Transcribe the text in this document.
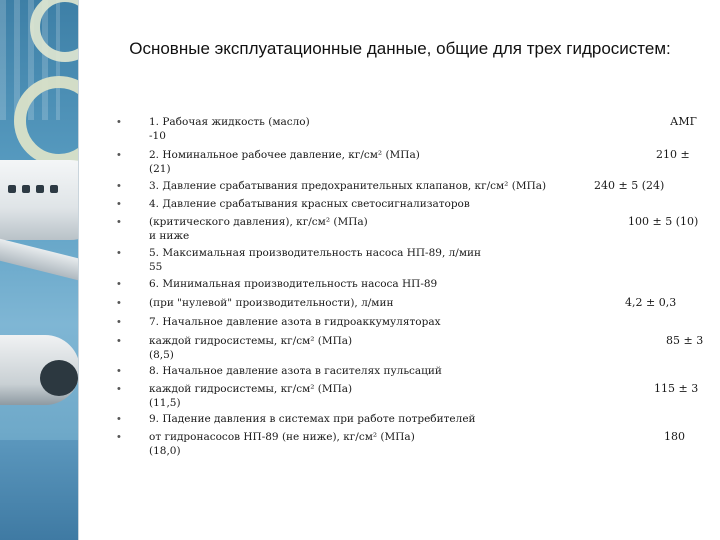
Основные эксплуатационные данные, общие для трех гидросистем:
•
1. Рабочая жидкость (масло)
-10
АМГ
•
2. Номинальное рабочее давление, кг/см² (МПа)
(21)
210 ±
•
3. Давление срабатывания предохранительных клапанов, кг/см² (МПа)	240 ± 5 (24)
•
4. Давление срабатывания красных светосигнализаторов
•
(критического давления), кг/см² (МПа)
и ниже
100 ± 5 (10)
•
5. Максимальная производительность насоса НП-89, л/мин
55
•
6. Минимальная производительность насоса НП-89
•
(при "нулевой" производительности), л/мин	4,2 ± 0,3
•
7. Начальное давление азота в гидроаккумуляторах
•
каждой гидросистемы, кг/см² (МПа)
(8,5)
85 ± 3
•
8. Начальное давление азота в гасителях пульсаций
•
каждой гидросистемы, кг/см² (МПа)
(11,5)
115 ± 3
•
9. Падение давления в системах при работе потребителей
•
от гидронасосов НП-89 (не ниже), кг/см² (МПа)
(18,0)
180
